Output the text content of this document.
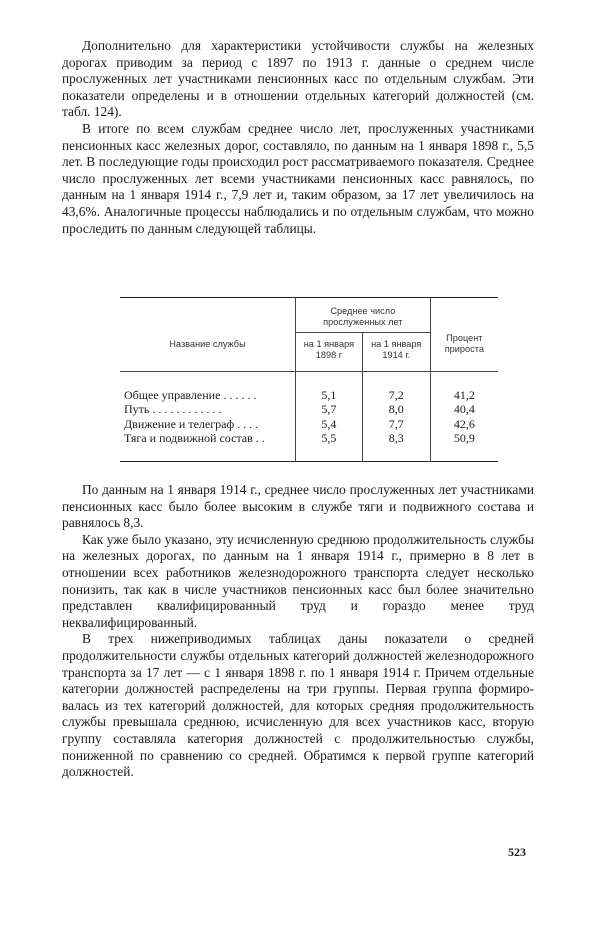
Дополнительно для характеристики устойчивости службы на железных дорогах приводим за период с 1897 по 1913 г. данные о среднем числе прослуженных лет участниками пенсионных касс по отдельным службам. Эти показатели определены и в отношении отдельных категорий должностей (см. табл. 124).

В итоге по всем службам среднее число лет, прослуженных участниками пенсионных касс железных дорог, составляло, по данным на 1 января 1898 г., 5,5 лет. В последующие годы происходил рост рассматриваемого показателя. Среднее число прослуженных лет всеми участниками пенсионных касс равнялось, по данным на 1 января 1914 г., 7,9 лет и, таким образом, за 17 лет увеличилось на 43,6%. Аналогичные процессы наблюдались и по отдельным службам, что можно проследить по данным следующей таблицы.

Название службы	Среднее число прослуженных лет		Процент прироста
	на 1 января 1898 г	на 1 января 1914 г.	

Общее управление . . . . . .	5,1	7,2	41,2
Путь . . . . . . . . . . . .	5,7	8,0	40,4
Движение и телеграф . . . .	5,4	7,7	42,6
Тяга и подвижной состав . .	5,5	8,3	50,9

По данным на 1 января 1914 г., среднее число прослуженных лет участниками пенсионных касс было более высоким в службе тяги и подвижного состава и равнялось 8,3.

Как уже было указано, эту исчисленную среднюю продолжительность службы на железных дорогах, по данным на 1 января 1914 г., примерно в 8 лет в отношении всех работников железнодорожного транспорта следует несколько понизить, так как в числе участников пенсионных касс был более значительно представлен квалифицированный труд и гораздо менее труд неквалифицированный.

В трех нижеприводимых таблицах даны показатели о средней продолжительности службы отдельных категорий должностей железнодорожного транспорта за 17 лет — с 1 января 1898 г. по 1 января 1914 г. Причем отдельные категории должностей распределены на три группы. Первая группа формировалась из тех категорий должностей, для которых средняя продолжительность службы превышала среднюю, исчисленную для всех участников касс, вторую группу составляла категория должностей с продолжительностью службы, пониженной по сравнению со средней. Обратимся к первой группе категорий должностей.

523
